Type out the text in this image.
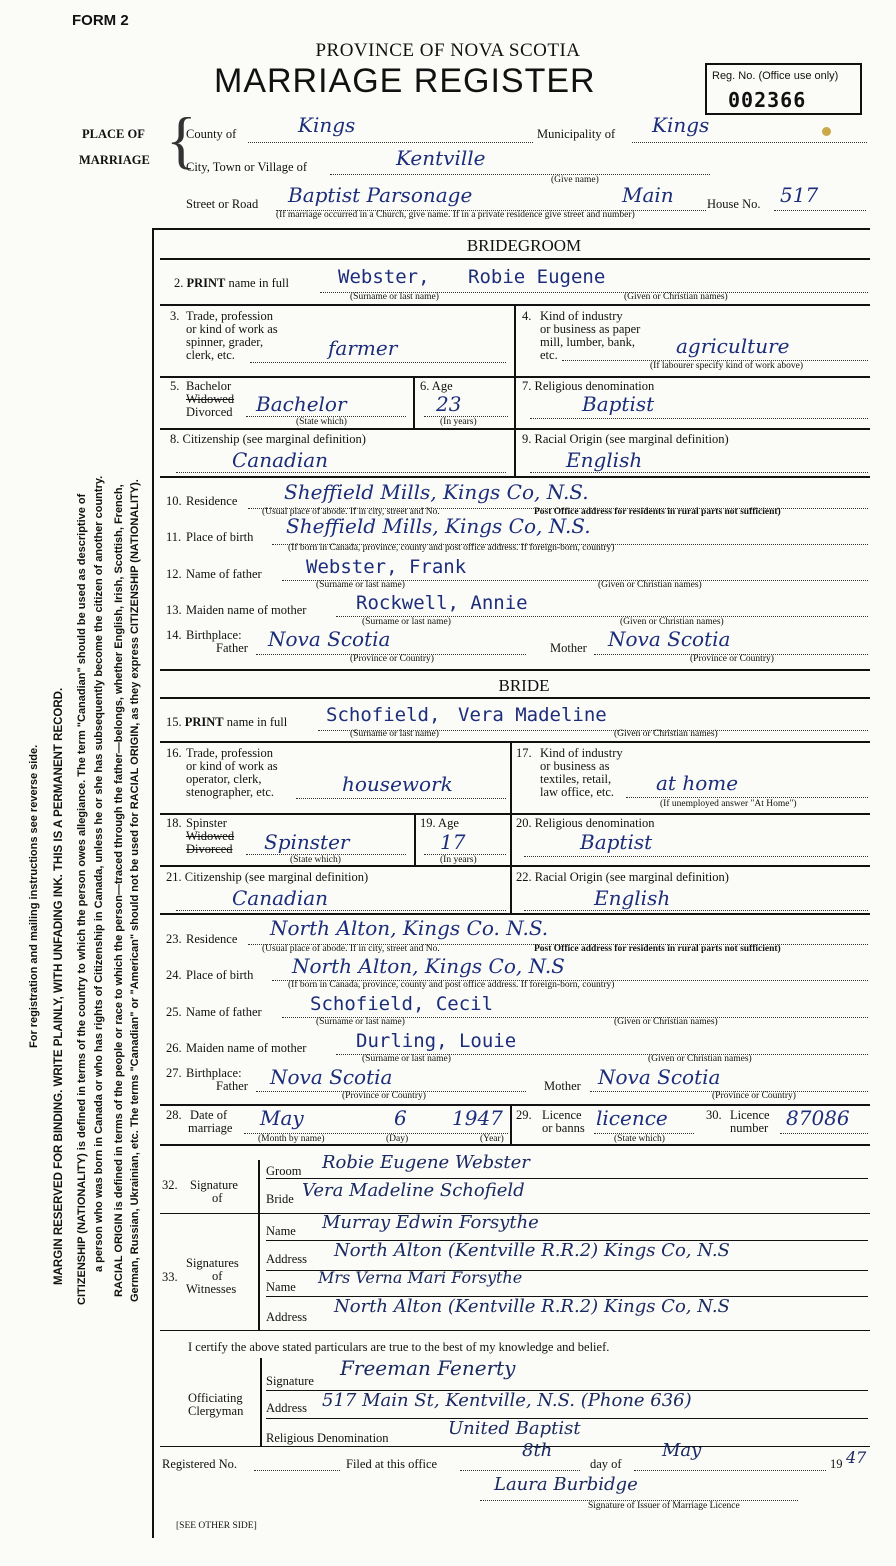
FORM 2
PROVINCE OF NOVA SCOTIA
MARRIAGE REGISTER	Reg. No. (Office use only)
002366
For registration and mailing instructions see reverse side. MARGIN RESERVED FOR BINDING. WRITE PLAINLY, WITH UNFADING INK. THIS IS A PERMANENT RECORD. CITIZENSHIP (NATIONALITY) is defined in terms of the country to which the person owes allegiance. The term "Canadian" should be used as descriptive of a person who was born in Canada or who has rights of Citizenship in Canada, unless he or she has subsequently become the citizen of another country. RACIAL ORIGIN is defined in terms of the people or race to which the person—traced through the father—belongs, whether English, Irish, Scottish, French, German, Russian, Ukrainian, etc. The terms "Canadian" or "American" should not be used for RACIAL ORIGIN, as they express CITIZENSHIP (NATIONALITY).
PLACE OF
MARRIAGE {
County of	Kings	Municipality of Kings
City, Town or Village of	Kentville
(Give name)
Street or Road Baptist Parsonage	Main	House No. 517
(If marriage occurred in a Church, give name. If in a private residence give street and number)
BRIDEGROOM
2. PRINT name in full	Webster, Robie Eugene
(Surname or last name)	(Given or Christian names)
3. Trade, profession
or kind of work as
spinner, grader,
clerk, etc.	farmer
4. Kind of industry
or business as paper
mill, lumber, bank,
etc.	agriculture
(If labourer specify kind of work above)
5. Bachelor
Widowed
Divorced Bachelor
(State which)
6. Age
23
(In years)
7. Religious denomination
Baptist
8. Citizenship (see marginal definition)
Canadian
9. Racial Origin (see marginal definition)
English
10. Residence Sheffield Mills, Kings Co, N.S.
(Usual place of abode. If in city, street and No.	Post Office address for residents in rural parts not sufficient)
11. Place of birth Sheffield Mills, Kings Co, N.S.
(If born in Canada, province, county and post office address. If foreign-born, country)
12. Name of father Webster, Frank
(Surname or last name)	(Given or Christian names)
13. Maiden name of mother	Rockwell, Annie
(Surname or last name)	(Given or Christian names)
14. Birthplace:
Father Nova Scotia
(Province or Country)
Mother Nova Scotia
(Province or Country)
BRIDE
15. PRINT name in full Schofield, Vera Madeline
(Surname or last name)	(Given or Christian names)
16. Trade, profession
or kind of work as
operator, clerk,
stenographer, etc.	housework
17. Kind of industry
or business as
textiles, retail,
law office, etc. at home
(If unemployed answer "At Home")
18. Spinster
Widowed
Divorced Spinster
(State which)
19. Age
17
(In years)
20. Religious denomination
Baptist
21. Citizenship (see marginal definition)
Canadian
22. Racial Origin (see marginal definition)
English
23. Residence North Alton, Kings Co. N.S.
(Usual place of abode. If in city, street and No.	Post Office address for residents in rural parts not sufficient)
24. Place of birth North Alton, Kings Co, N.S
(If born in Canada, province, county and post office address. If foreign-born, country)
25. Name of father	Schofield, Cecil
(Surname or last name)	(Given or Christian names)
26. Maiden name of mother	Durling, Louie
(Surname or last name)	(Given or Christian names)
27. Birthplace:
Father Nova Scotia
(Province or Country)
Mother Nova Scotia
(Province or Country)
28. Date of
marriage May	6 1947
(Month by name)	(Day)	(Year)
29. Licence
or banns licence
(State which)
30. Licence
number 87086
32. Signature
of
Groom Robie Eugene Webster
Bride Vera Madeline Schofield
33.
Signatures
of
Witnesses
Name Murray Edwin Forsythe
Address North Alton (Kentville R.R.2) Kings Co, N.S
Name Mrs Verna Mari Forsythe
Address North Alton (Kentville R.R.2) Kings Co, N.S
I certify the above stated particulars are true to the best of my knowledge and belief.
Officiating
Clergyman
Signature
Freeman Fenerty
Address 517 Main St, Kentville, N.S. (Phone 636)
Religious Denomination	United Baptist
Registered No.	Filed at this office
8th
day of
May
19 47
Laura Burbidge
Signature of Issuer of Marriage Licence
[SEE OTHER SIDE]
